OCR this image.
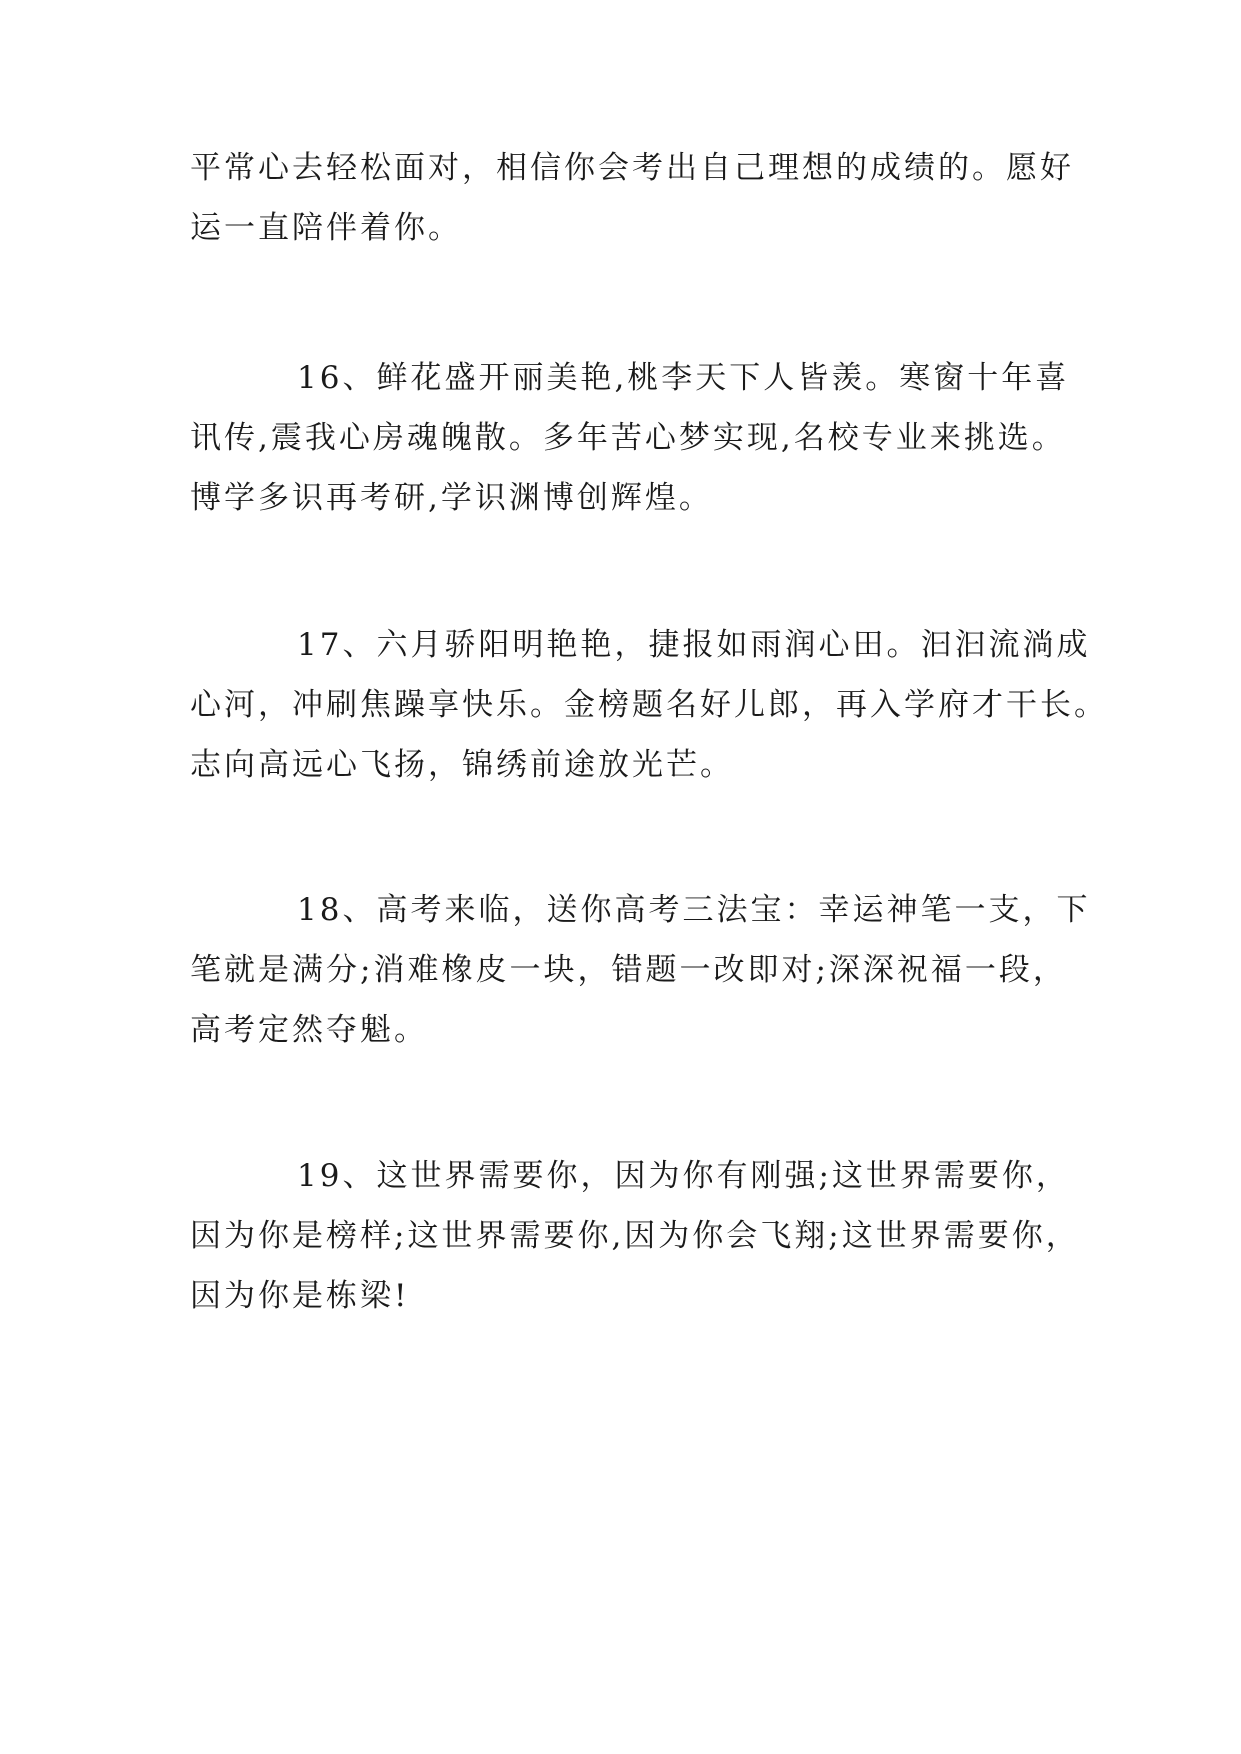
平常心去轻松面对，相信你会考出自己理想的成绩的。愿好
运一直陪伴着你。

16、鲜花盛开丽美艳,桃李天下人皆羡。寒窗十年喜
讯传,震我心房魂魄散。多年苦心梦实现,名校专业来挑选。
博学多识再考研,学识渊博创辉煌。

17、六月骄阳明艳艳，捷报如雨润心田。汩汩流淌成
心河，冲刷焦躁享快乐。金榜题名好儿郎，再入学府才干长。
志向高远心飞扬，锦绣前途放光芒。

18、高考来临，送你高考三法宝：幸运神笔一支，下
笔就是满分;消难橡皮一块，错题一改即对;深深祝福一段，
高考定然夺魁。

19、这世界需要你，因为你有刚强;这世界需要你，
因为你是榜样;这世界需要你,因为你会飞翔;这世界需要你，
因为你是栋梁!
